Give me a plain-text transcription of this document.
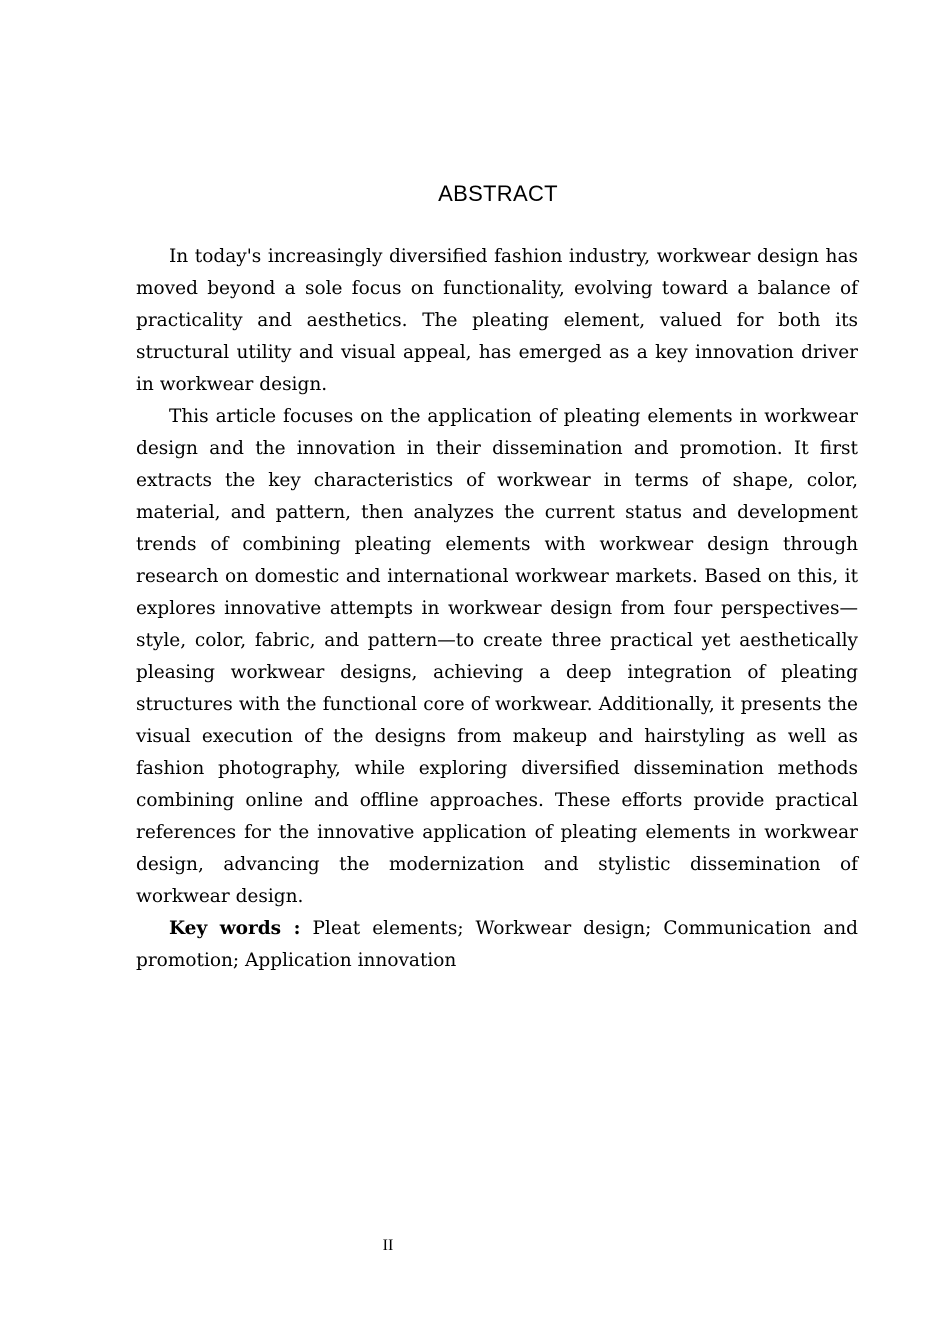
ABSTRACT

In today's increasingly diversified fashion industry, workwear design has moved beyond a sole focus on functionality, evolving toward a balance of practicality and aesthetics. The pleating element, valued for both its structural utility and visual appeal, has emerged as a key innovation driver in workwear design.

This article focuses on the application of pleating elements in workwear design and the innovation in their dissemination and promotion. It first extracts the key characteristics of workwear in terms of shape, color, material, and pattern, then analyzes the current status and development trends of combining pleating elements with workwear design through research on domestic and international workwear markets. Based on this, it explores innovative attempts in workwear design from four perspectives—style, color, fabric, and pattern—to create three practical yet aesthetically pleasing workwear designs, achieving a deep integration of pleating structures with the functional core of workwear. Additionally, it presents the visual execution of the designs from makeup and hairstyling as well as fashion photography, while exploring diversified dissemination methods combining online and offline approaches. These efforts provide practical references for the innovative application of pleating elements in workwear design, advancing the modernization and stylistic dissemination of workwear design.

Key words : Pleat elements; Workwear design; Communication and promotion; Application innovation

II
